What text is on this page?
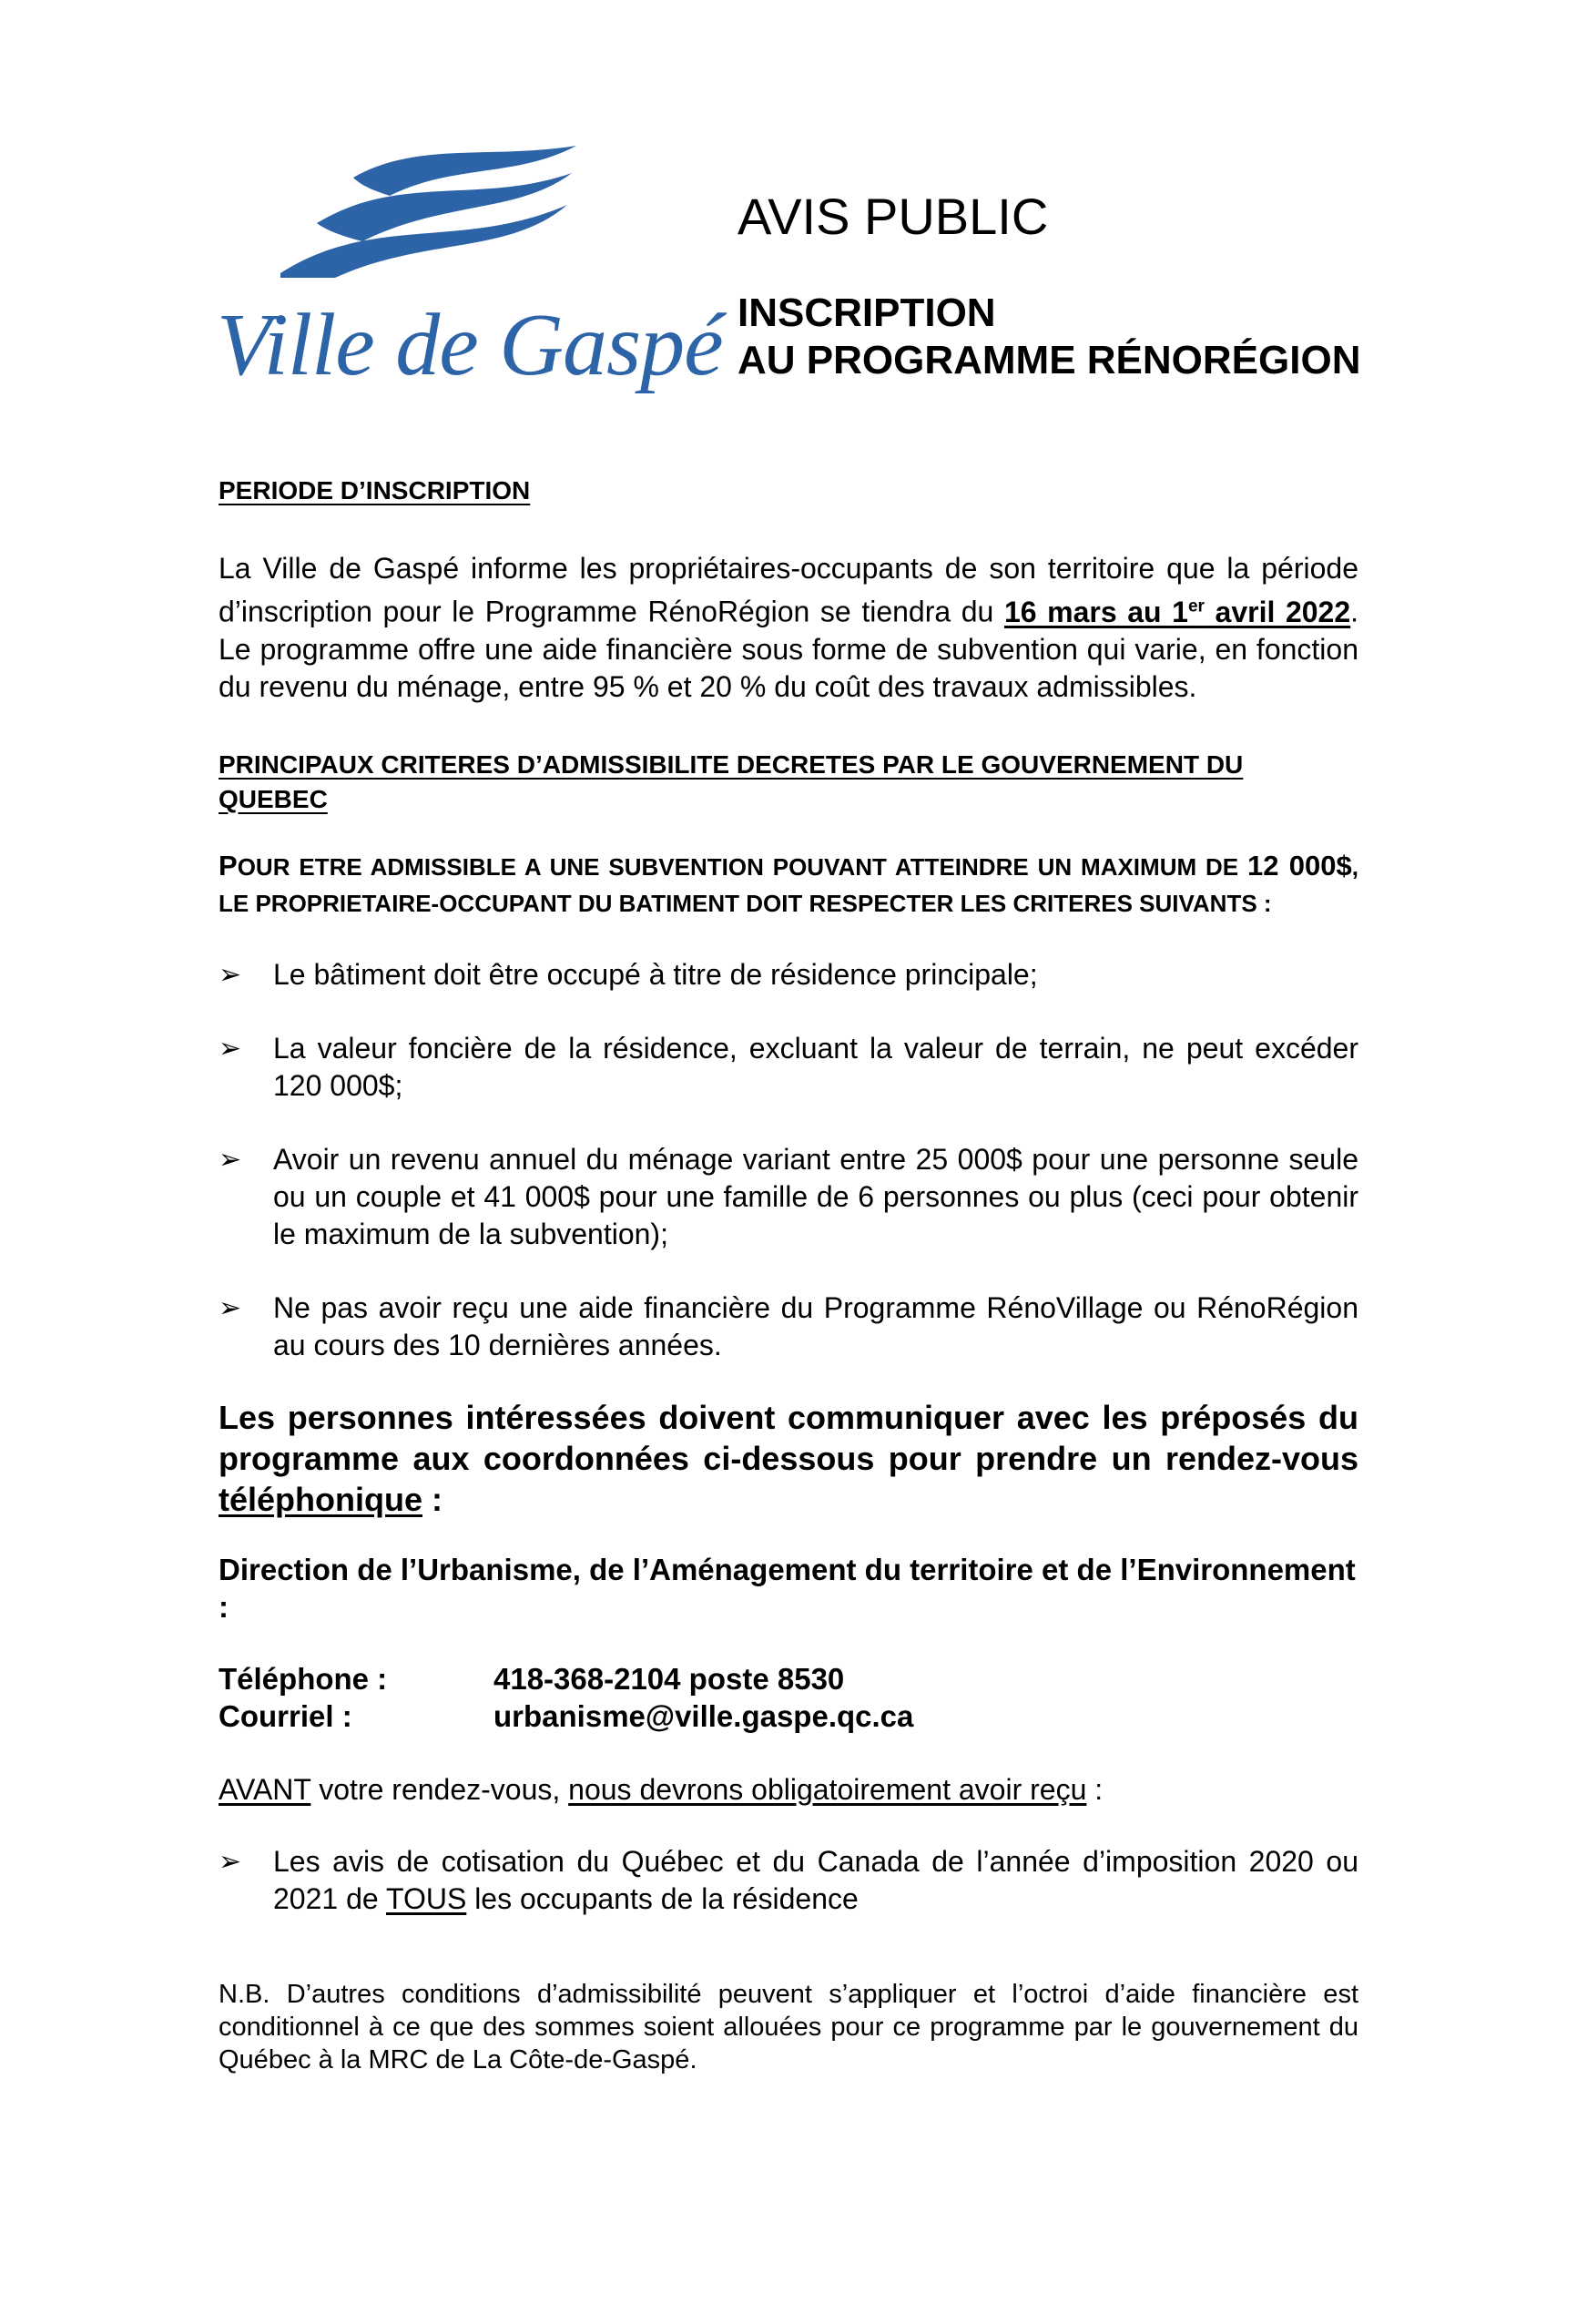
Ville de Gaspé
AVIS PUBLIC
INSCRIPTION
AU PROGRAMME RÉNORÉGION
PERIODE D’INSCRIPTION

La Ville de Gaspé informe les propriétaires-occupants de son territoire que la période d’inscription pour le Programme RénoRégion se tiendra du 16 mars au 1er avril 2022. Le programme offre une aide financière sous forme de subvention qui varie, en fonction du revenu du ménage, entre 95 % et 20 % du coût des travaux admissibles.

PRINCIPAUX CRITERES D’ADMISSIBILITE DECRETES PAR LE GOUVERNEMENT DU QUEBEC
POUR ETRE ADMISSIBLE A UNE SUBVENTION POUVANT ATTEINDRE UN MAXIMUM DE 12 000$, LE PROPRIETAIRE-OCCUPANT DU BATIMENT DOIT RESPECTER LES CRITERES SUIVANTS :
➢ Le bâtiment doit être occupé à titre de résidence principale;
➢ La valeur foncière de la résidence, excluant la valeur de terrain, ne peut excéder 120 000$;
➢ Avoir un revenu annuel du ménage variant entre 25 000$ pour une personne seule ou un couple et 41 000$ pour une famille de 6 personnes ou plus (ceci pour obtenir le maximum de la subvention);
➢ Ne pas avoir reçu une aide financière du Programme RénoVillage ou RénoRégion au cours des 10 dernières années.
Les personnes intéressées doivent communiquer avec les préposés du programme aux coordonnées ci-dessous pour prendre un rendez-vous téléphonique :
Direction de l’Urbanisme, de l’Aménagement du territoire et de l’Environnement :
Téléphone :	418-368-2104 poste 8530
Courriel :	urbanisme@ville.gaspe.qc.ca

AVANT votre rendez-vous, nous devrons obligatoirement avoir reçu :

➢ Les avis de cotisation du Québec et du Canada de l’année d’imposition 2020 ou 2021 de TOUS les occupants de la résidence
N.B. D’autres conditions d’admissibilité peuvent s’appliquer et l’octroi d’aide financière est conditionnel à ce que des sommes soient allouées pour ce programme par le gouvernement du Québec à la MRC de La Côte-de-Gaspé.
